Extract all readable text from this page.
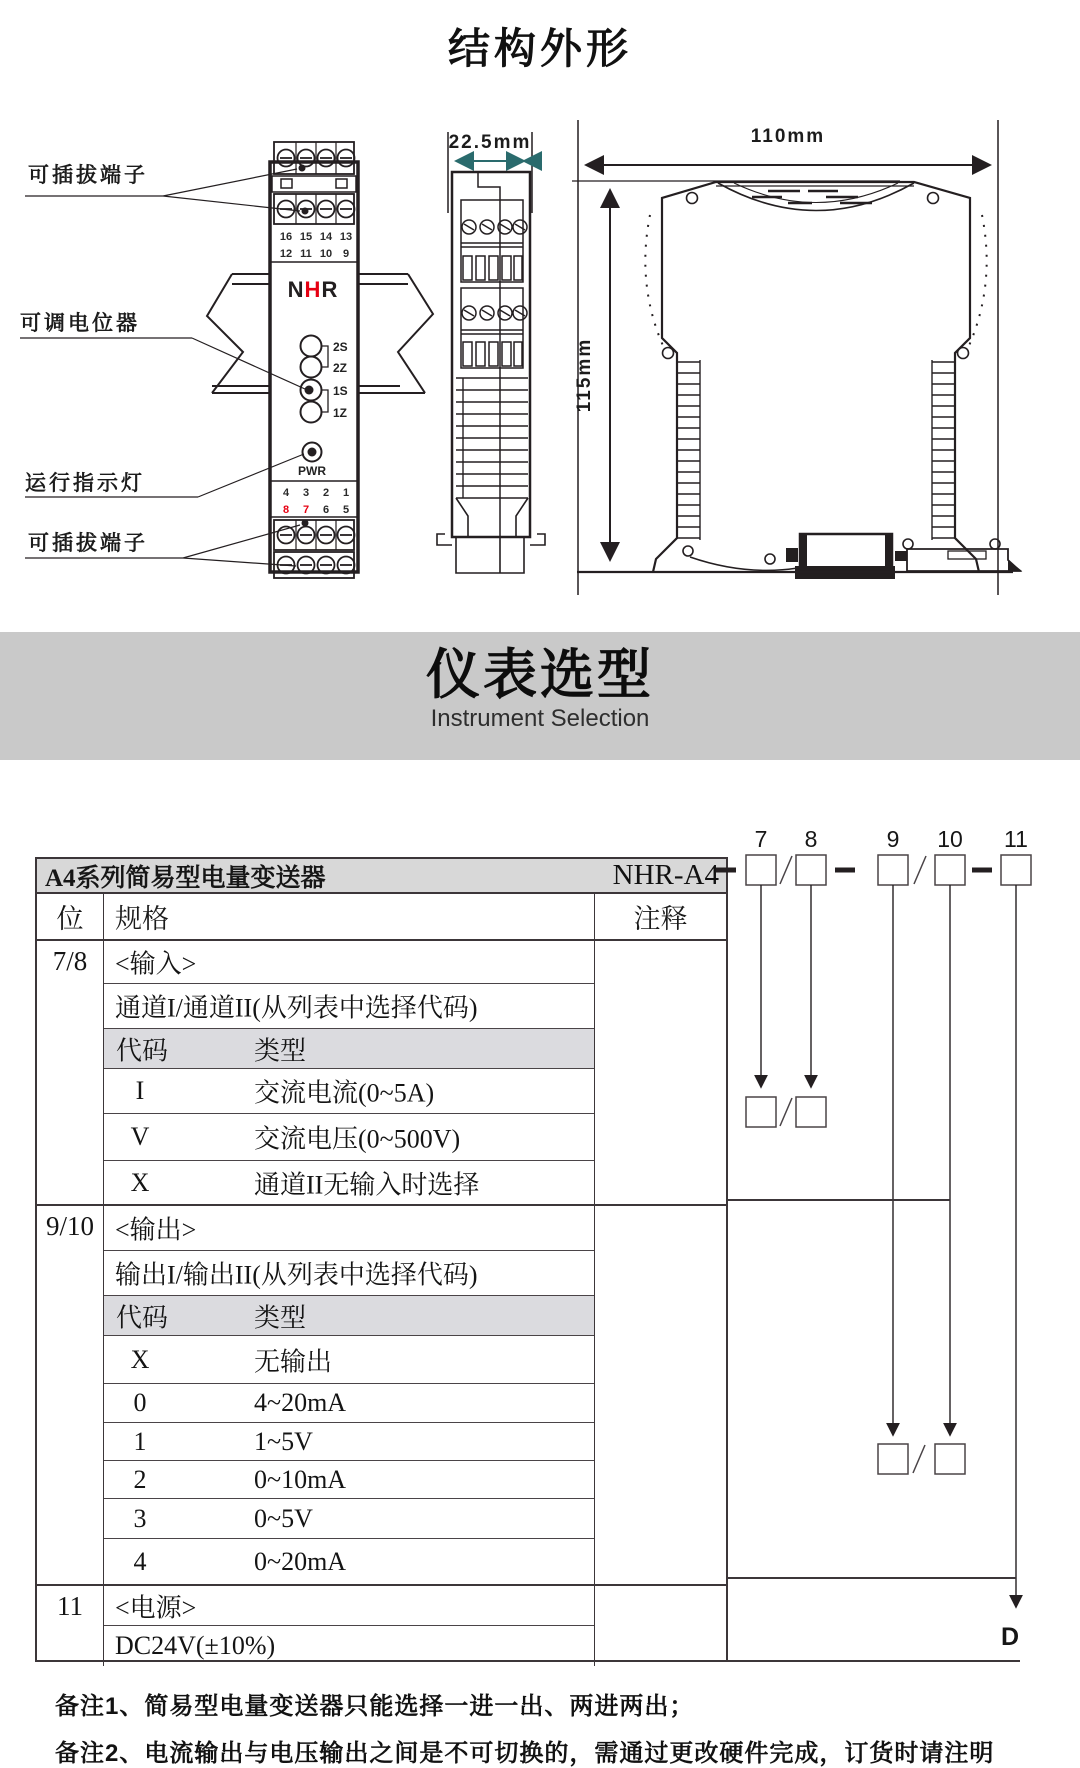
结构外形
16 15 14 13
12 11 10 9
NHR
2S
2Z
1S
1Z
PWR
4 3 2 1
8 7 6 5
可插拔端子
可调电位器
运行指示灯
可插拔端子
22.5mm	110mm
115mm
仪表选型
Instrument Selection
A4系列简易型电量变送器	NHR-A4
位	规格	注释
7/8	<输入>
通道I/通道II(从列表中选择代码)
代码	类型
I	交流电流(0~5A)
V	交流电压(0~500V)
X	通道II无输入时选择
9/10 <输出>
输出I/输出II(从列表中选择代码)
代码	类型
X	无输出
0	4~20mA
1	1~5V
2	0~10mA
3	0~5V
4	0~20mA
11	<电源>
DC24V(±10%)
7 8	9 10 11
D
备注1、简易型电量变送器只能选择一进一出、两进两出；
备注2、电流输出与电压输出之间是不可切换的，需通过更改硬件完成，订货时请注明
